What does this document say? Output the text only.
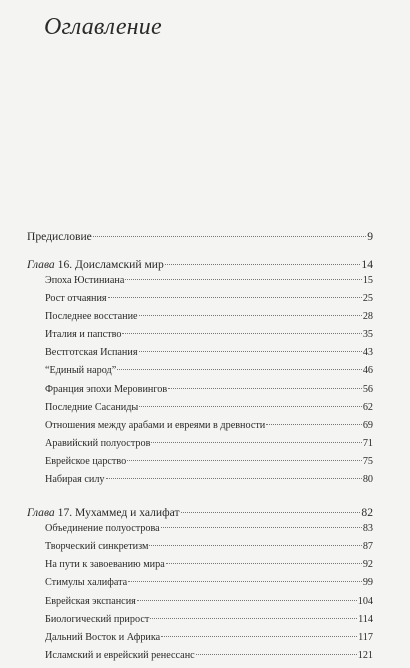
Оглавление
Предисловие	9
Глава 16. Доисламский мир	14
Эпоха Юстиниана	15
Рост отчаяния	25
Последнее восстание	28
Италия и папство	35
Вестготская Испания	43
“Единый народ”	46
Франция эпохи Меровингов	56
Последние Сасаниды	62
Отношения между арабами и евреями в древности	69
Аравийский полуостров	71
Еврейское царство	75
Набирая силу	80
Глава 17. Мухаммед и халифат	82
Объединение полуострова	83
Творческий синкретизм	87
На пути к завоеванию мира	92
Стимулы халифата	99
Еврейская экспансия	104
Биологический прирост	114
Дальний Восток и Африка	117
Исламский и еврейский ренессанс	121
